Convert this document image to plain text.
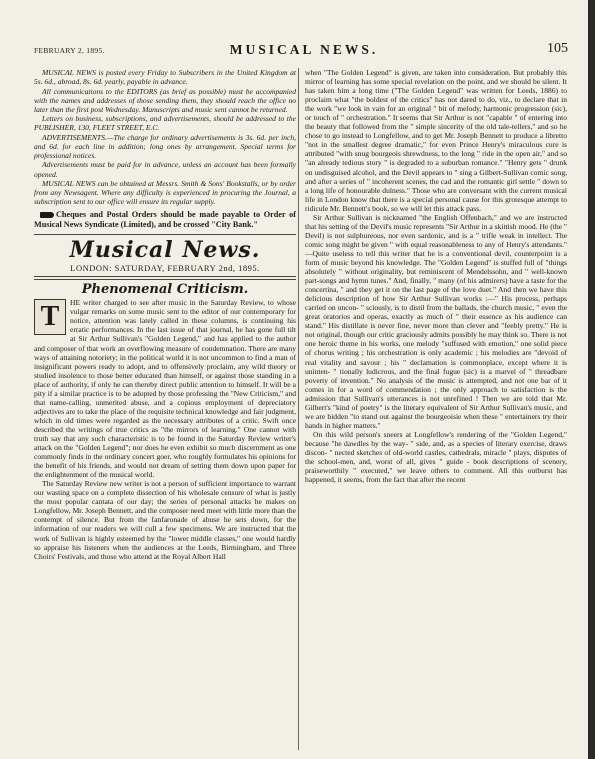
FEBRUARY 2, 1895.	MUSICAL NEWS.	105

MUSICAL NEWS is posted every Friday to Subscribers in the United Kingdom at 5s. 6d., abroad, 8s. 6d. yearly, payable in advance.

All communications to the EDITORS (as brief as possible) must be accompanied with the names and addresses of those sending them, they should reach the office no later than the first post Wednesday. Manuscripts and music sent cannot be returned.

Letters on business, subscriptions, and advertisements, should be addressed to the PUBLISHER, 130, FLEET STREET, E.C.

ADVERTISEMENTS.—The charge for ordinary advertisements is 3s. 6d. per inch, and 6d. for each line in addition; long ones by arrangement. Special terms for professional notices.

Advertisements must be paid for in advance, unless an account has been formally opened.

MUSICAL NEWS can be obtained at Messrs. Smith & Sons' Bookstalls, or by order from any Newsagent. Where any difficulty is experienced in procuring the Journal, a subscription sent to our office will ensure its regular supply.

Cheques and Postal Orders should be made payable to Order of Musical News Syndicate (Limited), and be crossed "City Bank."

Musical News.
LONDON: SATURDAY, FEBRUARY 2nd, 1895.
Phenomenal Criticism.
T	HE writer charged to see after music in the Saturday Review, to whose vulgar remarks on some music sent to the editor of our contemporary for notice, attention was lately called in these columns, is continuing his erratic performances. In the last issue of that journal, he has gone full tilt at Sir Arthur Sullivan's "Golden Legend," and has applied to the author and composer of that work an overflowing measure of condemnation. There are many ways of attaining notoriety; in the political world it is not uncommon to find a man of insignificant powers ready to adopt, and to offensively proclaim, any wild theory or studied insolence to those better educated than himself, or against those standing in a place of authority, if only he can thereby direct public attention to himself. It will be a pity if a similar practice is to be adopted by those professing the "New Criticism," and that name-calling, unmerited abuse, and a copious employment of depreciatory adjectives are to take the place of the requisite technical knowledge and fair judgment, which in old times were regarded as the necessary attributes of a critic. Swift once described the writings of true critics as "the mirrors of learning." One cannot with truth say that any such characteristic is to be found in the Saturday Review writer's attack on the "Golden Legend"; nor does he even exhibit so much discernment as one commonly finds in the ordinary concert goer, who roughly formulates his opinions for the benefit of his friends, and would not dream of setting them down upon paper for the enlightenment of the musical world.

The Saturday Review new writer is not a person of sufficient importance to warrant our wasting space on a complete dissection of his wholesale censure of what is justly the most popular cantata of our day; the series of personal attacks he makes on Longfellow, Mr. Joseph Bennett, and the composer need meet with little more than the contempt of silence. But from the fanfaronade of abuse he sets down, for the information of our readers we will cull a few specimens. We are instructed that the work of Sullivan is highly esteemed by the "lower middle classes," one would hardly so appraise his listeners when the audiences at the Leeds, Birmingham, and Three Choirs' Festivals, and those who attend at the Royal Albert Hall

when "The Golden Legend" is given, are taken into consideration. But probably this mirror of learning has some special revelation on the point, and we should be silent. It has taken him a long time ("The Golden Legend" was written for Leeds, 1886) to proclaim what "the boldest of the critics" has not dared to do, viz., to declare that in the work "we look in vain for an original " bit of melody, harmonic progression (sic), or touch of " orchestration." It seems that Sir Arthur is not "capable " of entering into the beauty that followed from the " simple sincerity of the old tale-tellers," and so he chose to go instead to Longfellow, and to get Mr. Joseph Bennett to produce a libretto "not in the smallest degree dramatic," for even Prince Henry's miraculous cure is attributed "with snug bourgeois shrewdness, to the long " ride in the open air," and so "an already tedious story " is degraded to a suburban romance." "Henry gets " drunk on undisguised alcohol, and the Devil appears to " sing a Gilbert-Sullivan comic song, and after a series of " incoherent scenes, the cad and the romantic girl settle " down to a long life of honourable dulness." Those who are conversant with the current musical life in London know that there is a special personal cause for this grotesque attempt to ridicule Mr. Bennett's book, so we will let this attack pass.

Sir Arthur Sullivan is nicknamed "the English Offenbach," and we are instructed that his setting of the Devil's music represents "Sir Arthur in a skittish mood. He (the " Devil) is not sulphureous, nor even sardonic, and is a " trifle weak in intellect. The comic song might be given " with equal reasonableness to any of Henry's attendants." —Quite useless to tell this writer that he is a conventional devil, counterpoint is a form of music beyond his knowledge. The "Golden Legend" is stuffed full of "things absolutely " without originality, but reminiscent of Mendelssohn, and " well-known part-songs and hymn tunes." And, finally, " many (of his admirers) have a taste for the concertina, " and they get it on the last page of the love duet." And then we have this delicious description of how Sir Arthur Sullivan works :—" His process, perhaps carried on uncon- " sciously, is to distil from the ballads, the church music, " even the great oratorios and operas, exactly as much of " their essence as his audience can stand." His distillate is never fine, never more than clever and "feebly pretty." He is not original, though our critic graciously admits possibly he may think so. There is not one heroic theme in his works, one melody "suffused with emotion," one solid piece of chorus writing ; his orchestration is only academic ; his melodies are "devoid of real vitality and savour ; his " declamation is commonplace, except where it is uninten- " tionally ludicrous, and the final fugue (sic) is a marvel of " threadbare poverty of invention." No analysis of the music is attempted, and not one bar of it comes in for a word of commendation ; the only approach to satisfaction is the admission that Sullivan's utterances is not unrefined ! Then we are told that Mr. Gilbert's "kind of poetry" is the literary equivalent of Sir Arthur Sullivan's music, and we are bidden "to stand out against the bourgeoisie when these " entertainers try their hands in higher matters."

On this wild person's sneers at Longfellow's rendering of the "Golden Legend," because "he dawdles by the way- " side, and, as a species of literary exercise, draws discon- " nected sketches of old-world castles, cathedrals, miracle " plays, disputes of the school-men, and, worst of all, gives " guide - book descriptions of scenery, praiseworthily " executed," we leave others to comment. All this outburst has happened, it seems, from the fact that after the recent
